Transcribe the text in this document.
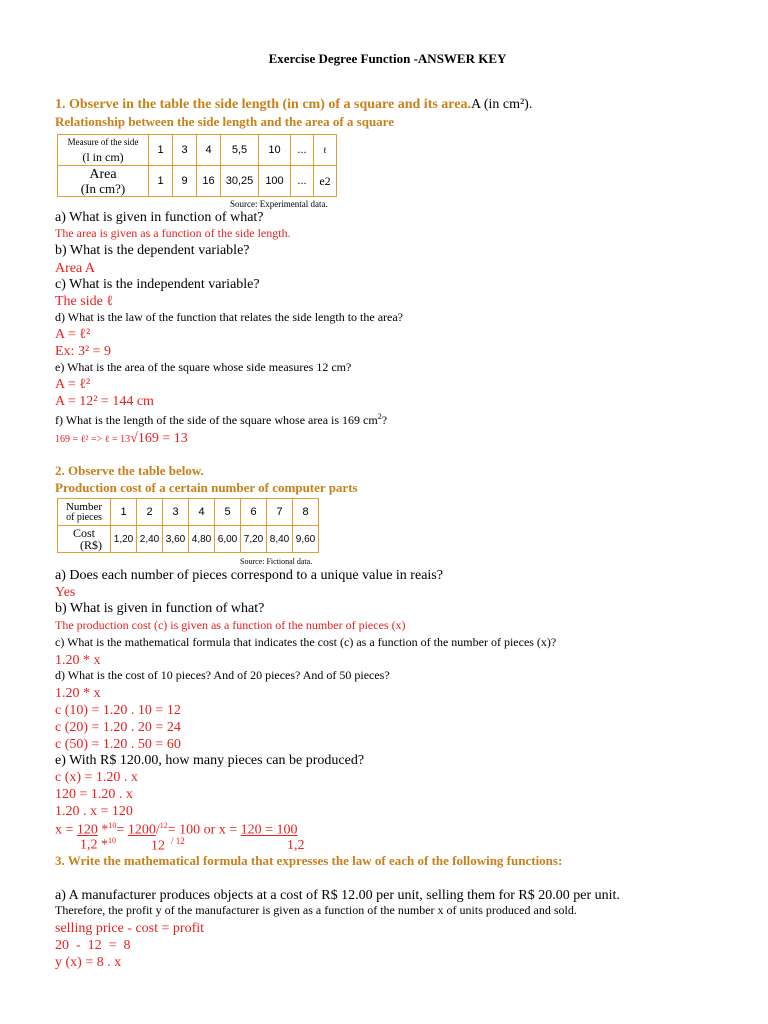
Exercise Degree Function -ANSWER KEY
1. Observe in the table the side length (in cm) of a square and its area.A (in cm²).
Relationship between the side length and the area of a square
Measure of the side
(l in cm)	1	3	4	5,5	10	...	ℓ

Area
(In cm?)	1	9	16	30,25	100	...	e2
Source: Experimental data.
a) What is given in function of what?
The area is given as a function of the side length.
b) What is the dependent variable?
Area A
c) What is the independent variable?
The side ℓ
d) What is the law of the function that relates the side length to the area?
A = ℓ²
Ex: 3² = 9
e) What is the area of the square whose side measures 12 cm?
A = ℓ²
A = 12² = 144 cm
f) What is the length of the side of the square whose area is 169 $cm^2$?
169 = ℓ² => ℓ = 13√169 = 13
2. Observe the table below.
Production cost of a certain number of computer parts
Number
of pieces	1	2	3	4	5	6	7	8

Cost
(R$)	1,20	2,40	3,60	4,80	6,00	7,20	8,40	9,60
Source: Fictional data.
a) Does each number of pieces correspond to a unique value in reais?
Yes
b) What is given in function of what?
The production cost (c) is given as a function of the number of pieces (x)
c) What is the mathematical formula that indicates the cost (c) as a function of the number of pieces (x)?
1.20 * x
d) What is the cost of 10 pieces? And of 20 pieces? And of 50 pieces?
1.20 * x
c (10) = 1.20 . 10 = 12
c (20) = 1.20 . 20 = 24
c (50) = 1.20 . 50 = 60
e) With R$ 120.00, how many pieces can be produced?
c (x) = 1.20 . x
120 = 1.20 . x
1.20 . x = 120
x = 120 *$^{10}$= 1200/$^{12}$= 100 or x = 120 = 100
1,2 *$^{10}$	12 $^{/ 12}$	1,2
3. Write the mathematical formula that expresses the law of each of the following functions:
a) A manufacturer produces objects at a cost of R$ 12.00 per unit, selling them for R$ 20.00 per unit.
Therefore, the profit y of the manufacturer is given as a function of the number x of units produced and sold.
selling price - cost = profit
20  -  12  =  8
y (x) = 8 . x
